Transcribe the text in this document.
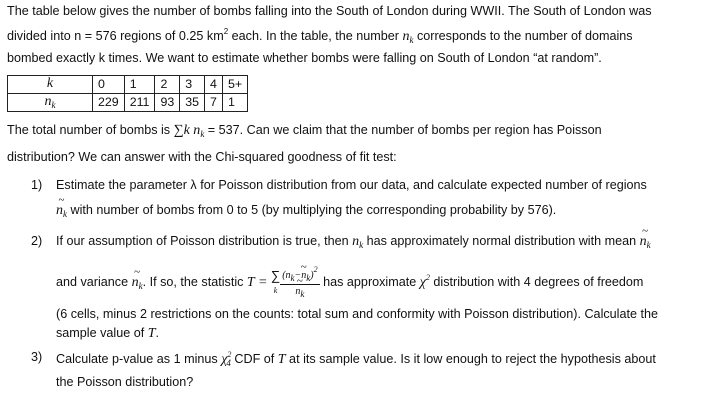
The table below gives the number of bombs falling into the South of London during WWII. The South of London was
divided into n = 576 regions of 0.25 $km^2$ each. In the table, the number $n_k$ corresponds to the number of domains
bombed exactly k times. We want to estimate whether bombs were falling on South of London “at random”.
k	0	1	2	3	4	5+
$n_k$	229	211	93	35	7	1
The total number of bombs is ∑k $n_k = 537$. Can we claim that the number of bombs per region has Poisson
distribution? We can answer with the Chi-squared goodness of fit test:
1) Estimate the parameter λ for Poisson distribution from our data, and calculate expected number of regions
~ $n_k$ with number of bombs from 0 to 5 (by multiplying the corresponding probability by 576).
2) If our assumption of Poisson distribution is true, then $n_k$ has approximately normal distribution with mean ~ $n_k$
and variance ~ $n_k$. If so, the statistic T = ∑
k (nk−~ nk)$^2$
~ nk has approximate $\chi^2$ distribution with 4 degrees of freedom
(6 cells, minus 2 restrictions on the counts: total sum and conformity with Poisson distribution). Calculate the
sample value of T.
3) Calculate p-value as 1 minus $\chi^2_4$ CDF of T at its sample value. Is it low enough to reject the hypothesis about
the Poisson distribution?
